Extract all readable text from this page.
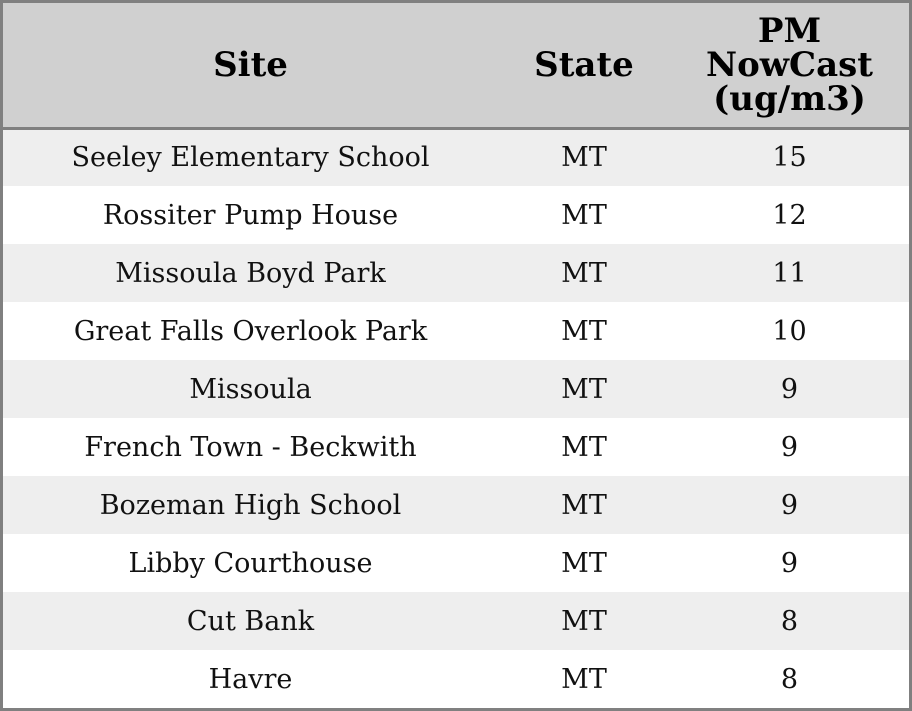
Site	State	PM
NowCast
(ug/m3)

Seeley Elementary School	MT	15
Rossiter Pump House	MT	12
Missoula Boyd Park	MT	11
Great Falls Overlook Park	MT	10
Missoula	MT	9
French Town - Beckwith	MT	9
Bozeman High School	MT	9
Libby Courthouse	MT	9
Cut Bank	MT	8
Havre	MT	8
